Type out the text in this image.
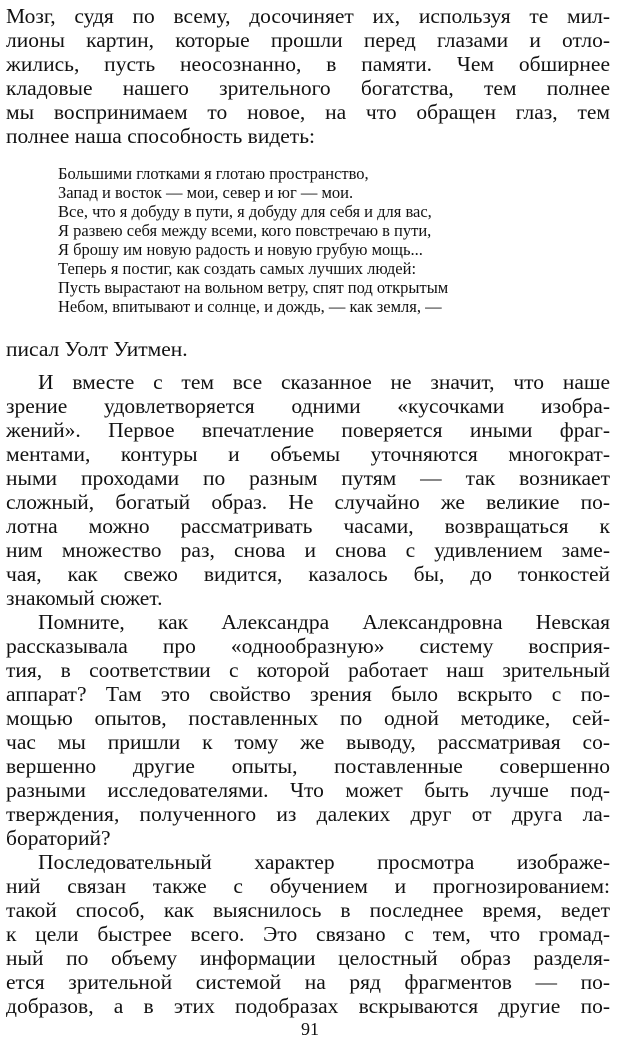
Мозг, судя по всему, досочиняет их, используя те мил-
лионы картин, которые прошли перед глазами и отло-
жились, пусть неосознанно, в памяти. Чем обширнее
кладовые нашего зрительного богатства, тем полнее
мы воспринимаем то новое, на что обращен глаз, тем
полнее наша способность видеть:
Большими глотками я глотаю пространство,
Запад и восток — мои, север и юг — мои.
Все, что я добуду в пути, я добуду для себя и для вас,
Я развею себя между всеми, кого повстречаю в пути,
Я брошу им новую радость и новую грубую мощь...
Теперь я постиг, как создать самых лучших людей:
Пусть вырастают на вольном ветру, спят под открытым
Небом, впитывают и солнце, и дождь, — как земля, —
писал Уолт Уитмен.
И вместе с тем все сказанное не значит, что наше
зрение удовлетворяется одними «кусочками изобра-
жений». Первое впечатление поверяется иными фраг-
ментами, контуры и объемы уточняются многократ-
ными проходами по разным путям — так возникает
сложный, богатый образ. Не случайно же великие по-
лотна можно рассматривать часами, возвращаться к
ним множество раз, снова и снова с удивлением заме-
чая, как свежо видится, казалось бы, до тонкостей
знакомый сюжет.
Помните, как Александра Александровна Невская
рассказывала про «однообразную» систему восприя-
тия, в соответствии с которой работает наш зрительный
аппарат? Там это свойство зрения было вскрыто с по-
мощью опытов, поставленных по одной методике, сей-
час мы пришли к тому же выводу, рассматривая со-
вершенно другие опыты, поставленные совершенно
разными исследователями. Что может быть лучше под-
тверждения, полученного из далеких друг от друга ла-
бораторий?
Последовательный характер просмотра изображе-
ний связан также с обучением и прогнозированием:
такой способ, как выяснилось в последнее время, ведет
к цели быстрее всего. Это связано с тем, что громад-
ный по объему информации целостный образ разделя-
ется зрительной системой на ряд фрагментов — по-
добразов, а в этих подобразах вскрываются другие по-
91
